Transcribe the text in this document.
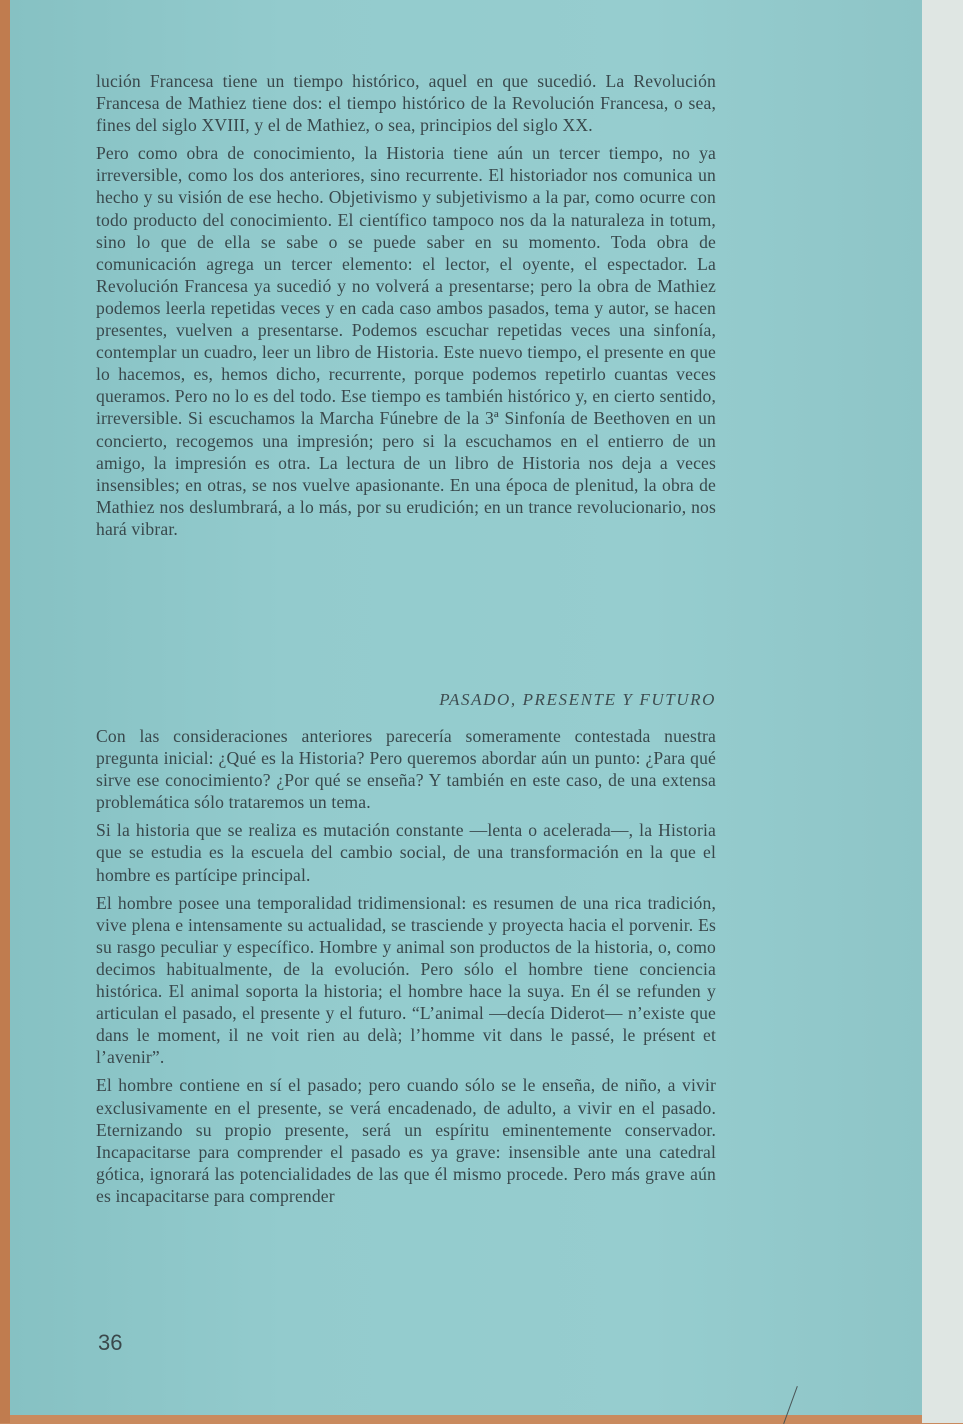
lución Francesa tiene un tiempo histórico, aquel en que sucedió. La Revolución Francesa de Mathiez tiene dos: el tiempo histórico de la Revolución Francesa, o sea, fines del siglo XVIII, y el de Mathiez, o sea, principios del siglo XX.

Pero como obra de conocimiento, la Historia tiene aún un tercer tiempo, no ya irreversible, como los dos anteriores, sino recurrente. El historiador nos comunica un hecho y su visión de ese hecho. Objetivismo y subjetivismo a la par, como ocurre con todo producto del conocimiento. El científico tampoco nos da la naturaleza in totum, sino lo que de ella se sabe o se puede saber en su momento. Toda obra de comunicación agrega un tercer elemento: el lector, el oyente, el espectador. La Revolución Francesa ya sucedió y no volverá a presentarse; pero la obra de Mathiez podemos leerla repetidas veces y en cada caso ambos pasados, tema y autor, se hacen presentes, vuelven a presentarse. Podemos escuchar repetidas veces una sinfonía, contemplar un cuadro, leer un libro de Historia. Este nuevo tiempo, el presente en que lo hacemos, es, hemos dicho, recurrente, porque podemos repetirlo cuantas veces queramos. Pero no lo es del todo. Ese tiempo es también histórico y, en cierto sentido, irreversible. Si escuchamos la Marcha Fúnebre de la 3ª Sinfonía de Beethoven en un concierto, recogemos una impresión; pero si la escuchamos en el entierro de un amigo, la impresión es otra. La lectura de un libro de Historia nos deja a veces insensibles; en otras, se nos vuelve apasionante. En una época de plenitud, la obra de Mathiez nos deslumbrará, a lo más, por su erudición; en un trance revolucionario, nos hará vibrar.

PASADO, PRESENTE Y FUTURO

Con las consideraciones anteriores parecería someramente contestada nuestra pregunta inicial: ¿Qué es la Historia? Pero queremos abordar aún un punto: ¿Para qué sirve ese conocimiento? ¿Por qué se enseña? Y también en este caso, de una extensa problemática sólo trataremos un tema.

Si la historia que se realiza es mutación constante —lenta o acelerada—, la Historia que se estudia es la escuela del cambio social, de una transformación en la que el hombre es partícipe principal.

El hombre posee una temporalidad tridimensional: es resumen de una rica tradición, vive plena e intensamente su actualidad, se trasciende y proyecta hacia el porvenir. Es su rasgo peculiar y específico. Hombre y animal son productos de la historia, o, como decimos habitualmente, de la evolución. Pero sólo el hombre tiene conciencia histórica. El animal soporta la historia; el hombre hace la suya. En él se refunden y articulan el pasado, el presente y el futuro. “L’animal —decía Diderot— n’existe que dans le moment, il ne voit rien au delà; l’homme vit dans le passé, le présent et l’avenir”.

El hombre contiene en sí el pasado; pero cuando sólo se le enseña, de niño, a vivir exclusivamente en el presente, se verá encadenado, de adulto, a vivir en el pasado. Eternizando su propio presente, será un espíritu eminentemente conservador. Incapacitarse para comprender el pasado es ya grave: insensible ante una catedral gótica, ignorará las potencialidades de las que él mismo procede. Pero más grave aún es incapacitarse para comprender

36
